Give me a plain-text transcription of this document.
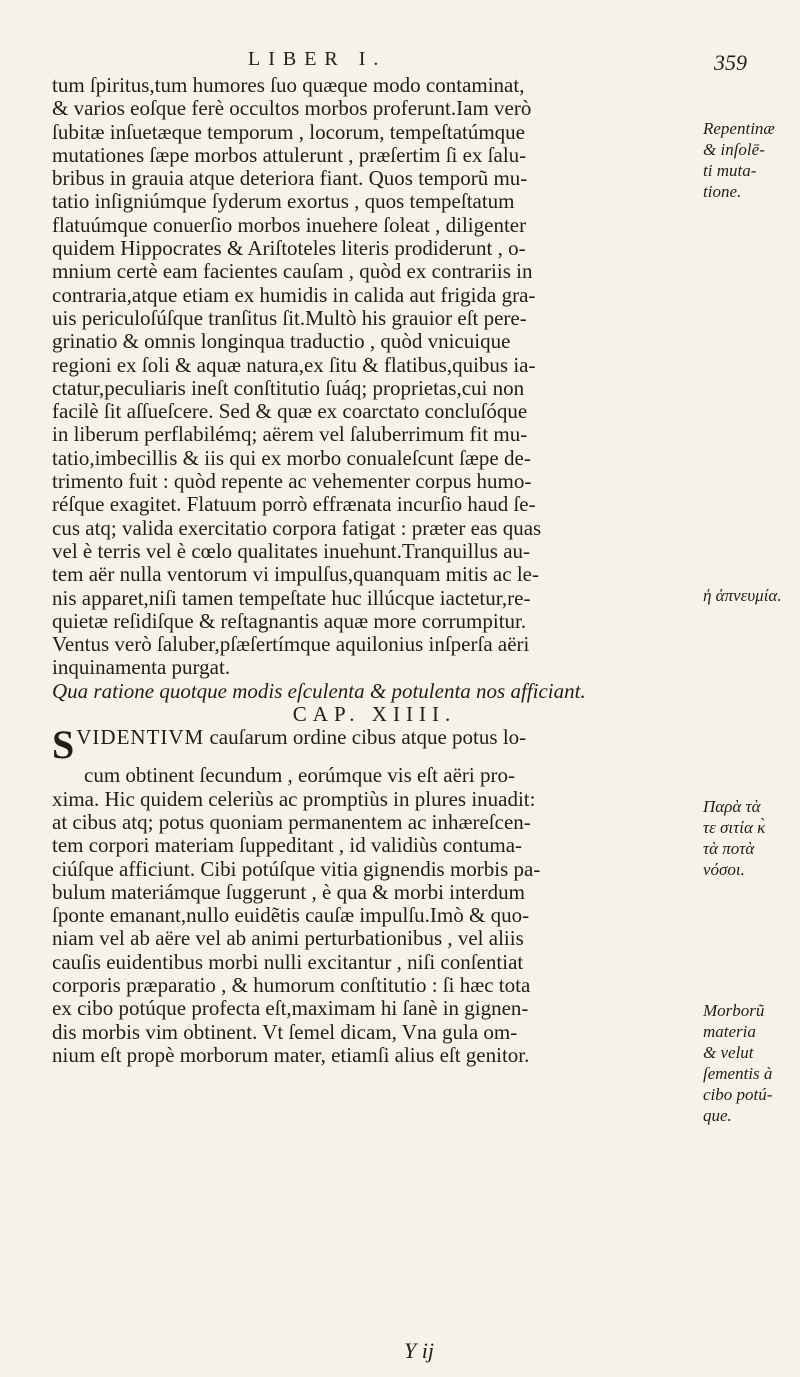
LIBER I.	359
tum ſpiritus,tum humores ſuo quæque modo contaminat,
& varios eoſque ferè occultos morbos proferunt.Iam verò
ſubitæ inſuetæque temporum , locorum, tempeſtatúmque
mutationes ſæpe morbos attulerunt , præſertim ſi ex ſalu-
bribus in grauia atque deteriora fiant. Quos temporũ mu-
tatio inſigniúmque ſyderum exortus , quos tempeſtatum
flatuúmque conuerſio morbos inuehere ſoleat , diligenter
quidem Hippocrates & Ariſtoteles literis prodiderunt , o-
mnium certè eam facientes cauſam , quòd ex contrariis in
contraria,atque etiam ex humidis in calida aut frigida gra-
uis periculoſúſque tranſitus ſit.Multò his grauior eſt pere-
grinatio & omnis longinqua traductio , quòd vnicuique
regioni ex ſoli & aquæ natura,ex ſitu & flatibus,quibus ia-
ctatur,peculiaris ineſt conſtitutio ſuáq; proprietas,cui non
facilè ſit aſſueſcere. Sed & quæ ex coarctato concluſóque
in liberum perflabilémq; aërem vel ſaluberrimum fit mu-
tatio,imbecillis & iis qui ex morbo conualeſcunt ſæpe de-
trimento fuit : quòd repente ac vehementer corpus humo-
réſque exagitet. Flatuum porrò effrænata incurſio haud ſe-
cus atq; valida exercitatio corpora fatigat : præter eas quas
vel è terris vel è cœlo qualitates inuehunt.Tranquillus au-
tem aër nulla ventorum vi impulſus,quanquam mitis ac le-
nis apparet,niſi tamen tempeſtate huc illúcque iactetur,re-
quietæ reſidiſque & reſtagnantis aquæ more corrumpitur.
Ventus verò ſaluber,pſæſertímque aquilonius inſperſa aëri
inquinamenta purgat.
Qua ratione quotque modis eſculenta & potulenta nos afficiant.
CAP. XIIII.
SVIDENTIVM cauſarum ordine cibus atque potus lo-
cum obtinent ſecundum , eorúmque vis eſt aëri pro-
xima. Hic quidem celeriùs ac promptiùs in plures inuadit:
at cibus atq; potus quoniam permanentem ac inhæreſcen-
tem corpori materiam ſuppeditant , id validiùs contuma-
ciúſque afficiunt. Cibi potúſque vitia gignendis morbis pa-
bulum materiámque ſuggerunt , è qua & morbi interdum
ſponte emanant,nullo euidẽtis cauſæ impulſu.Imò & quo-
niam vel ab aëre vel ab animi perturbationibus , vel aliis
cauſis euidentibus morbi nulli excitantur , niſi conſentiat
corporis præparatio , & humorum conſtitutio : ſi hæc tota
ex cibo potúque profecta eſt,maximam hi ſanè in gignen-
dis morbis vim obtinent. Vt ſemel dicam, Vna gula om-
nium eſt propè morborum mater, etiamſi alius eſt genitor.
Repentinæ
& inſolē-
ti muta-
tione.
ἡ ἀπνευμία.
Παρὰ τὰ
τε σιτία κ̀
τὰ ποτὰ
νόσοι.
Morborũ
materia
& velut
ſementis à
cibo potú-
que.
Y ij
